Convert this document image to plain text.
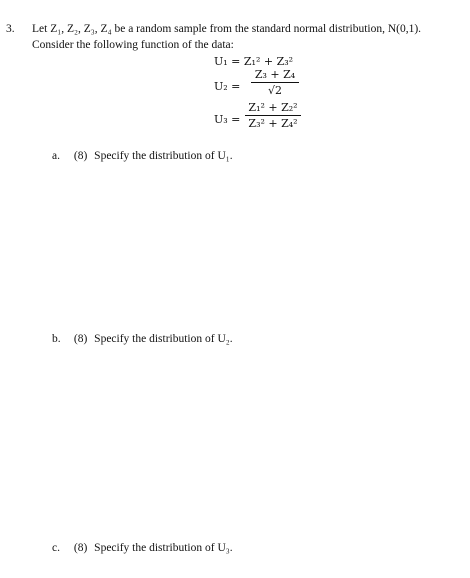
3. Let Z₁, Z₂, Z₃, Z₄ be a random sample from the standard normal distribution, N(0,1).
Consider the following function of the data:
U₁ = Z₁² + Z₃²
U₂ =
Z₃ + Z₄
√2
U₃ =
Z₁² + Z₂²
Z₃² + Z₄²
a. (8) Specify the distribution of U₁.
b. (8) Specify the distribution of U₂.
c. (8) Specify the distribution of U₃.
